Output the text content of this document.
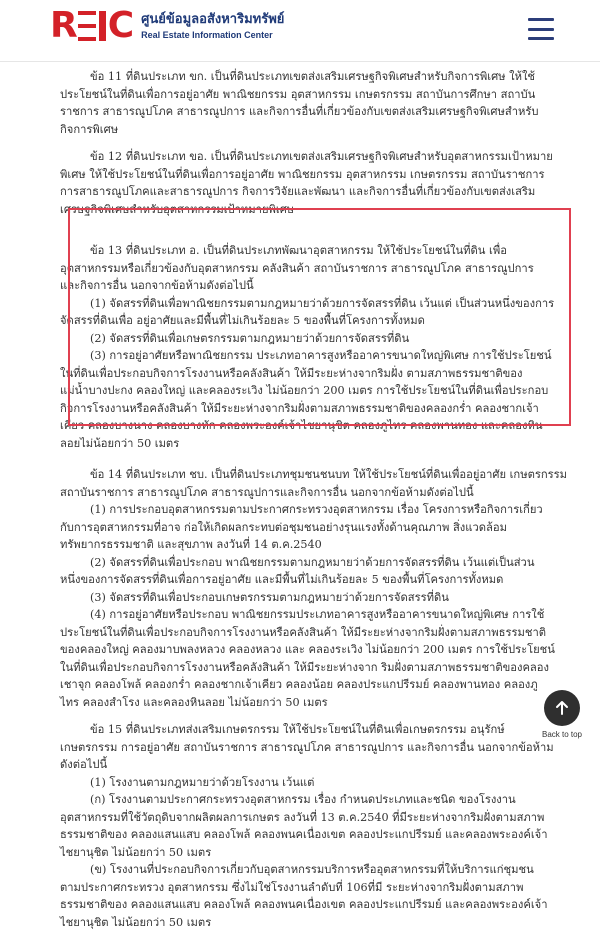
R C ศูนย์ข้อมูลอสังหาริมทรัพย์
Real Estate Information Center
ข้อ 11 ที่ดินประเภท ขก. เป็นที่ดินประเภทเขตส่งเสริมเศรษฐกิจพิเศษสำหรับกิจการพิเศษ ให้ใช้
ประโยชน์ในที่ดินเพื่อการอยู่อาศัย พาณิชยกรรม อุตสาหกรรม เกษตรกรรม สถาบันการศึกษา สถาบัน
ราชการ สาธารณูปโภค สาธารณูปการ และกิจการอื่นที่เกี่ยวข้องกับเขตส่งเสริมเศรษฐกิจพิเศษสำหรับ
กิจการพิเศษ
ข้อ 12 ที่ดินประเภท ขอ. เป็นที่ดินประเภทเขตส่งเสริมเศรษฐกิจพิเศษสำหรับอุตสาหกรรมเป้าหมาย
พิเศษ ให้ใช้ประโยชน์ในที่ดินเพื่อการอยู่อาศัย พาณิชยกรรม อุตสาหกรรม เกษตรกรรม สถาบันราชการ
การสาธารณูปโภคและสาธารณูปการ กิจการวิจัยและพัฒนา และกิจการอื่นที่เกี่ยวข้องกับเขตส่งเสริม
เศรษฐกิจพิเศษสำหรับอุตสาหกรรมเป้าหมายพิเศษ
ข้อ 13 ที่ดินประเภท อ. เป็นที่ดินประเภทพัฒนาอุตสาหกรรม ให้ใช้ประโยชน์ในที่ดิน เพื่อ
อุตสาหกรรมหรือเกี่ยวข้องกับอุตสาหกรรม คลังสินค้า สถาบันราชการ สาธารณูปโภค สาธารณูปการ
และกิจการอื่น นอกจากข้อห้ามดังต่อไปนี้
(1) จัดสรรที่ดินเพื่อพาณิชยกรรมตามกฎหมายว่าด้วยการจัดสรรที่ดิน เว้นแต่ เป็นส่วนหนึ่งของการ
จัดสรรที่ดินเพื่อ อยู่อาศัยและมีพื้นที่ไม่เกินร้อยละ 5 ของพื้นที่โครงการทั้งหมด
(2) จัดสรรที่ดินเพื่อเกษตรกรรมตามกฎหมายว่าด้วยการจัดสรรที่ดิน
(3) การอยู่อาศัยหรือพาณิชยกรรม ประเภทอาคารสูงหรืออาคารขนาดใหญ่พิเศษ การใช้ประโยชน์
ในที่ดินเพื่อประกอบกิจการโรงงานหรือคลังสินค้า ให้มีระยะห่างจากริมฝั่ง ตามสภาพธรรมชาติของ
แม่น้ำบางปะกง คลองใหญ่ และคลองระเวิง ไม่น้อยกว่า 200 เมตร การใช้ประโยชน์ในที่ดินเพื่อประกอบ
กิจการโรงงานหรือคลังสินค้า ให้มีระยะห่างจากริมฝั่งตามสภาพธรรมชาติของคลองกร่ำ คลองชากเจ้า
เคียว คลองบางนาง คลองบางหัก คลองพระองค์เจ้าไชยานุชิต คลองภูไทร คลองพานทอง และคลองหิน
ลอยไม่น้อยกว่า 50 เมตร
ข้อ 14 ที่ดินประเภท ชบ. เป็นที่ดินประเภทชุมชนชนบท ให้ใช้ประโยชน์ที่ดินเพื่ออยู่อาศัย เกษตรกรรม
สถาบันราชการ สาธารณูปโภค สาธารณูปการและกิจการอื่น นอกจากข้อห้ามดังต่อไปนี้
(1) การประกอบอุตสาหกรรมตามประกาศกระทรวงอุตสาหกรรม เรื่อง โครงการหรือกิจการเกี่ยว
กับการอุตสาหกรรมที่อาจ ก่อให้เกิดผลกระทบต่อชุมชนอย่างรุนแรงทั้งด้านคุณภาพ สิ่งแวดล้อม
ทรัพยากรธรรมชาติ และสุขภาพ ลงวันที่ 14 ต.ค.2540
(2) จัดสรรที่ดินเพื่อประกอบ พาณิชยกรรมตามกฎหมายว่าด้วยการจัดสรรที่ดิน เว้นแต่เป็นส่วน
หนึ่งของการจัดสรรที่ดินเพื่อการอยู่อาศัย และมีพื้นที่ไม่เกินร้อยละ 5 ของพื้นที่โครงการทั้งหมด
(3) จัดสรรที่ดินเพื่อประกอบเกษตรกรรมตามกฎหมายว่าด้วยการจัดสรรที่ดิน
(4) การอยู่อาศัยหรือประกอบ พาณิชยกรรมประเภทอาคารสูงหรืออาคารขนาดใหญ่พิเศษ การใช้
ประโยชน์ในที่ดินเพื่อประกอบกิจการโรงงานหรือคลังสินค้า ให้มีระยะห่างจากริมฝั่งตามสภาพธรรมชาติ
ของคลองใหญ่ คลองมาบพลงหลวง คลองหลวง และ คลองระเวิง ไม่น้อยกว่า 200 เมตร การใช้ประโยชน์
ในที่ดินเพื่อประกอบกิจการโรงงานหรือคลังสินค้า ให้มีระยะห่างจาก ริมฝั่งตามสภาพธรรมชาติของคลอง
เชาจุก คลองโพล้ คลองกร่ำ คลองชากเจ้าเคียว คลองน้อย คลองประแกปรีรมย์ คลองพานทอง คลองภู
ไทร คลองสำโรง และคลองหินลอย ไม่น้อยกว่า 50 เมตร
ข้อ 15 ที่ดินประเภทส่งเสริมเกษตรกรรม ให้ใช้ประโยชน์ในที่ดินเพื่อเกษตรกรรม อนุรักษ์
เกษตรกรรม การอยู่อาศัย สถาบันราชการ สาธารณูปโภค สาธารณูปการ และกิจการอื่น นอกจากข้อห้าม
ดังต่อไปนี้
(1) โรงงานตามกฎหมายว่าด้วยโรงงาน เว้นแต่
(ก) โรงงานตามประกาศกระทรวงอุตสาหกรรม เรื่อง กำหนดประเภทและชนิด ของโรงงาน
อุตสาหกรรมที่ใช้วัตถุดิบจากผลิตผลการเกษตร ลงวันที่ 13 ต.ค.2540 ที่มีระยะห่างจากริมฝั่งตามสภาพ
ธรรมชาติของ คลองแสนแสบ คลองโพล้ คลองพนคเนื่องเขต คลองประแกปรีรมย์ และคลองพระองค์เจ้า
ไชยานุชิต ไม่น้อยกว่า 50 เมตร
(ข) โรงงานที่ประกอบกิจการเกี่ยวกับอุตสาหกรรมบริการหรืออุตสาหกรรมที่ให้บริการแก่ชุมชน
ตามประกาศกระทรวง อุตสาหกรรม ซึ่งไม่ใช่โรงงานลำดับที่ 106ที่มี ระยะห่างจากริมฝั่งตามสภาพ
ธรรมชาติของ คลองแสนแสบ คลองโพล้ คลองพนคเนื่องเขต คลองประแกปรีรมย์ และคลองพระองค์เจ้า
ไชยานุชิต ไม่น้อยกว่า 50 เมตร
Back to top
